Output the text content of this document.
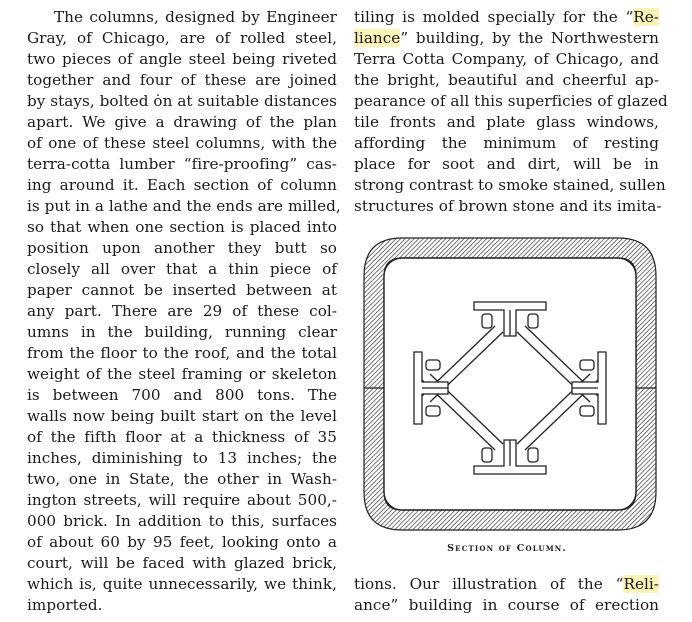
The columns, designed by Engineer
Gray, of Chicago, are of rolled steel,
two pieces of angle steel being riveted
together and four of these are joined
by stays, bolted ȯn at suitable distances
apart. We give a drawing of the plan
of one of these steel columns, with the
terra-cotta lumber “fire-proofing” cas-
ing around it. Each section of column
is put in a lathe and the ends are milled,
so that when one section is placed into
position upon another they butt so
closely all over that a thin piece of
paper cannot be inserted between at
any part. There are 29 of these col-
umns in the building, running clear
from the floor to the roof, and the total
weight of the steel framing or skeleton
is between 700 and 800 tons. The
walls now being built start on the level
of the fifth floor at a thickness of 35
inches, diminishing to 13 inches; the
two, one in State, the other in Wash-
ington streets, will require about 500,-
000 brick. In addition to this, surfaces
of about 60 by 95 feet, looking onto a
court, will be faced with glazed brick,
which is, quite unnecessarily, we think,
imported.
tiling is molded specially for the “Re-
liance” building, by the Northwestern
Terra Cotta Company, of Chicago, and
the bright, beautiful and cheerful ap-
pearance of all this superficies of glazed
tile fronts and plate glass windows,
affording the minimum of resting
place for soot and dirt, will be in
strong contrast to smoke stained, sullen
structures of brown stone and its imita-
Section of Column.
tions. Our illustration of the “Reli-
ance” building in course of erection
